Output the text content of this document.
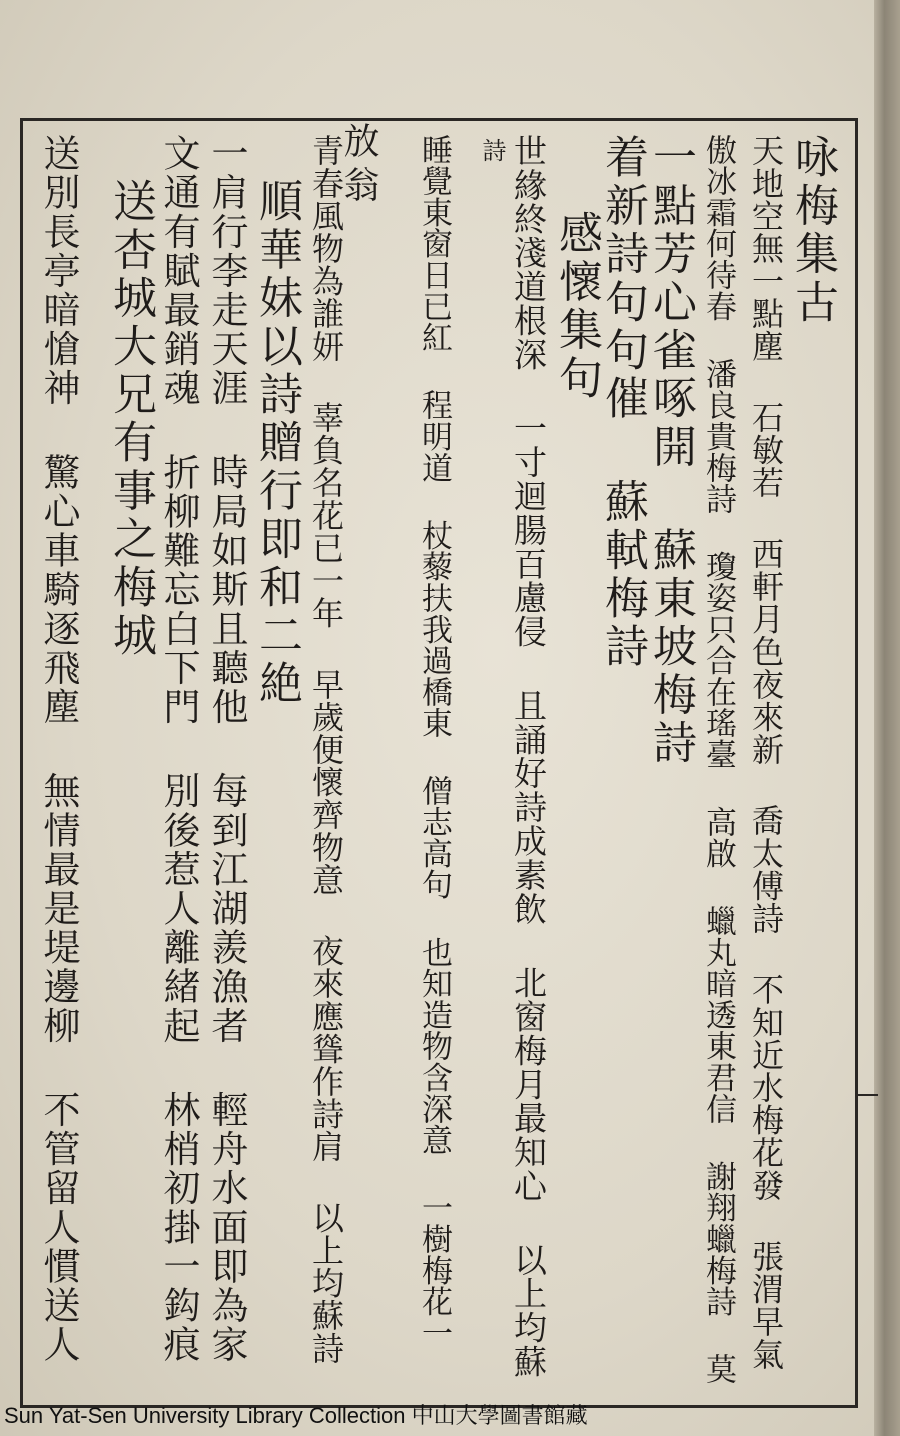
咏梅集古
天地空無一點塵 石敏若 西軒月色夜來新 喬太傅詩 不知近水梅花發 張渭早氣
傲冰霜何待春 潘良貴梅詩 瓊姿只合在瑤臺 高啟 蠟丸暗透東君信 謝翔蠟梅詩 莫
一點芳心雀啄開 蘇東坡梅詩
着新詩句句催 蘇軾梅詩
感懷集句
世緣終淺道根深 一寸迴腸百慮侵 且誦好詩成素飲 北窗梅月最知心 以上均蘇
詩
睡覺東窗日已紅 程明道 杖藜扶我過橋東 僧志高句 也知造物含深意 一樹梅花一
放翁
青春風物為誰妍 辜負名花已一年 早歲便懷齊物意 夜來應聳作詩肩 以上均蘇詩
順華妹以詩贈行即和二絶
一肩行李走天涯 時局如斯且聽他 每到江湖羨漁者 輕舟水面即為家
文通有賦最銷魂 折柳難忘白下門 別後惹人離緒起 林梢初掛一鈎痕
送杏城大兄有事之梅城
送別長亭暗愴神 驚心車騎逐飛塵 無情最是堤邊柳 不管留人慣送人
Sun Yat-Sen University Library Collection 中山大學圖書館藏
